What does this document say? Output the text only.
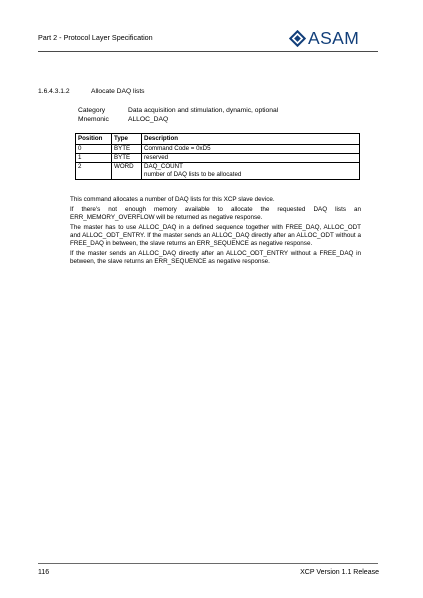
Part 2 - Protocol Layer Specification	ASAM
1.6.4.3.1.2	Allocate DAQ lists
Category	Data acquisition and stimulation, dynamic, optional
Mnemonic	ALLOC_DAQ
Position	Type	Description
0	BYTE	Command Code = 0xD5
1	BYTE	reserved
2	WORD	DAQ_COUNT
number of DAQ lists to be allocated

This command allocates a number of DAQ lists for this XCP slave device.

If there's not enough memory available to allocate the requested DAQ lists an ERR_MEMORY_OVERFLOW will be returned as negative response.

The master has to use ALLOC_DAQ in a defined sequence together with FREE_DAQ, ALLOC_ODT and ALLOC_ODT_ENTRY. If the master sends an ALLOC_DAQ directly after an ALLOC_ODT without a FREE_DAQ in between, the slave returns an ERR_SEQUENCE as negative response.

If the master sends an ALLOC_DAQ directly after an ALLOC_ODT_ENTRY without a FREE_DAQ in between, the slave returns an ERR_SEQUENCE as negative response.

116	XCP Version 1.1 Release
